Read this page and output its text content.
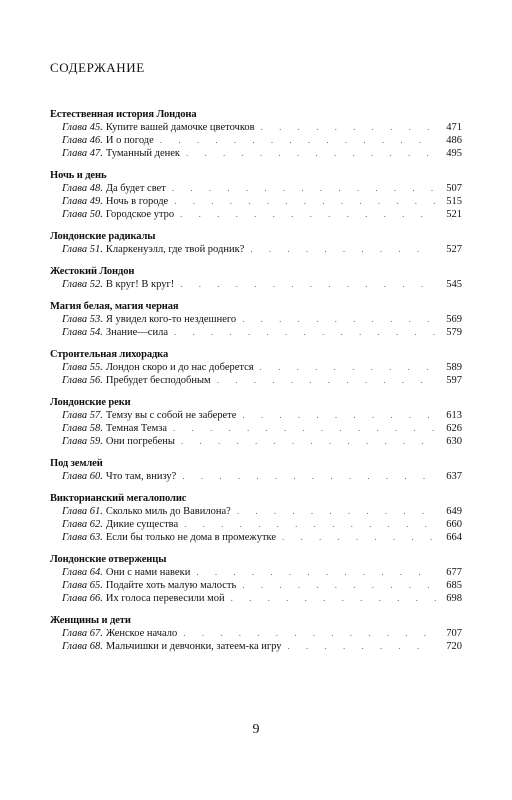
СОДЕРЖАНИЕ
Естественная история Лондона
Глава 45. Купите вашей дамочке цветочков . . .	471
Глава 46. И о погоде . . .	486
Глава 47. Туманный денек . . .	495
Ночь и день
Глава 48. Да будет свет . . .	507
Глава 49. Ночь в городе . . .	515
Глава 50. Городское утро . . .	521
Лондонские радикалы
Глава 51. Кларкенуэлл, где твой родник? . . .	527
Жестокий Лондон
Глава 52. В круг! В круг! . . .	545
Магия белая, магия черная
Глава 53. Я увидел кого-то нездешнего . . .	569
Глава 54. Знание—сила . . .	579
Строительная лихорадка
Глава 55. Лондон скоро и до нас доберется . . .	589
Глава 56. Пребудет бесподобным . . .	597
Лондонские реки
Глава 57. Темзу вы с собой не заберете . . .	613
Глава 58. Темная Темза . . .	626
Глава 59. Они погребены . . .	630
Под землей
Глава 60. Что там, внизу? . . .	637
Викторианский мегалополис
Глава 61. Сколько миль до Вавилона? . . .	649
Глава 62. Дикие существа . . .	660
Глава 63. Если бы только не дома в промежутке . . .	664
Лондонские отверженцы
Глава 64. Они с нами навеки . . .	677
Глава 65. Подайте хоть малую малость . . .	685
Глава 66. Их голоса перевесили мой . . .	698
Женщины и дети
Глава 67. Женское начало . . .	707
Глава 68. Мальчишки и девчонки, затеем-ка игру . . .	720
9
